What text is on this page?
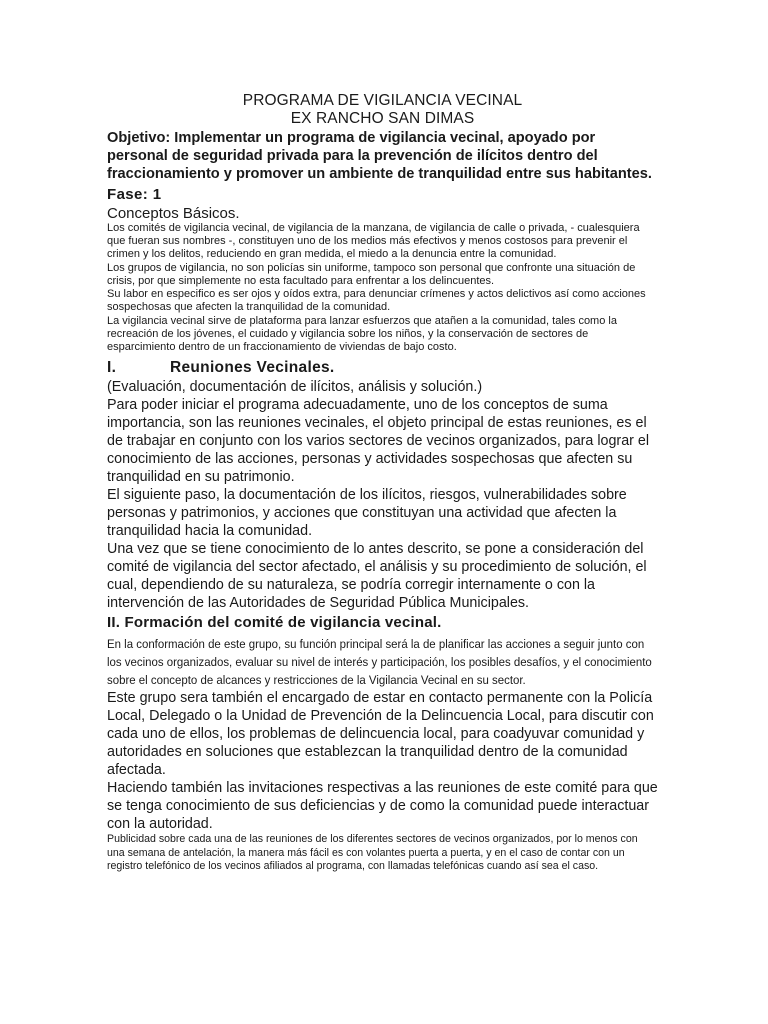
PROGRAMA DE VIGILANCIA VECINAL

EX RANCHO SAN DIMAS

Objetivo: Implementar un programa de vigilancia vecinal, apoyado por personal de seguridad privada para la prevención de ilícitos dentro del fraccionamiento y promover un ambiente de tranquilidad entre sus habitantes.

Fase: 1

Conceptos Básicos.

Los comités de vigilancia vecinal, de vigilancia de la manzana, de vigilancia de calle o privada, - cualesquiera que fueran sus nombres -, constituyen uno de los medios más efectivos y menos costosos para prevenir el crimen y los delitos, reduciendo en gran medida, el miedo a la denuncia entre la comunidad.

Los grupos de vigilancia, no son policías sin uniforme, tampoco son personal que confronte una situación de crisis, por que simplemente no esta facultado para enfrentar a los delincuentes.

Su labor en especifico es ser ojos y oídos extra, para denunciar crímenes y actos delictivos así como acciones sospechosas que afecten la tranquilidad de la comunidad.

La vigilancia vecinal sirve de plataforma para lanzar esfuerzos que atañen a la comunidad, tales como la recreación de los jóvenes, el cuidado y vigilancia sobre los niños, y la conservación de sectores de esparcimiento dentro de un fraccionamiento de viviendas de bajo costo.

I.	Reuniones Vecinales.

(Evaluación, documentación de ilícitos, análisis y solución.)

Para poder iniciar el programa adecuadamente, uno de los conceptos de suma importancia, son las reuniones vecinales, el objeto principal de estas reuniones, es el de trabajar en conjunto con los varios sectores de vecinos organizados, para lograr el conocimiento de las acciones, personas y actividades sospechosas que afecten su tranquilidad en su patrimonio.

El siguiente paso, la documentación de los ilícitos, riesgos, vulnerabilidades sobre personas y patrimonios, y acciones que constituyan una actividad que afecten la tranquilidad hacia la comunidad.

Una vez que se tiene conocimiento de lo antes descrito, se pone a consideración del comité de vigilancia del sector afectado, el análisis y su procedimiento de solución, el cual, dependiendo de su naturaleza, se podría corregir internamente o con la intervención de las Autoridades de Seguridad Pública Municipales.

II. Formación del comité de vigilancia vecinal.

En la conformación de este grupo, su función principal será la de planificar las acciones a seguir junto con los vecinos organizados, evaluar su nivel de interés y participación, los posibles desafíos, y el conocimiento sobre el concepto de alcances y restricciones de la Vigilancia Vecinal en su sector.

Este grupo sera también el encargado de estar en contacto permanente con la Policía Local, Delegado o la Unidad de Prevención de la Delincuencia Local, para discutir con cada uno de ellos, los problemas de delincuencia local, para coadyuvar comunidad y autoridades en soluciones que establezcan la tranquilidad dentro de la comunidad afectada.

Haciendo también las invitaciones respectivas a las reuniones de este comité para que se tenga conocimiento de sus deficiencias y de como la comunidad puede interactuar con la autoridad.

Publicidad sobre cada una de las reuniones de los diferentes sectores de vecinos organizados, por lo menos con una semana de antelación, la manera más fácil es con volantes puerta a puerta, y en el caso de contar con un registro telefónico de los vecinos afiliados al programa, con llamadas telefónicas cuando así sea el caso.
